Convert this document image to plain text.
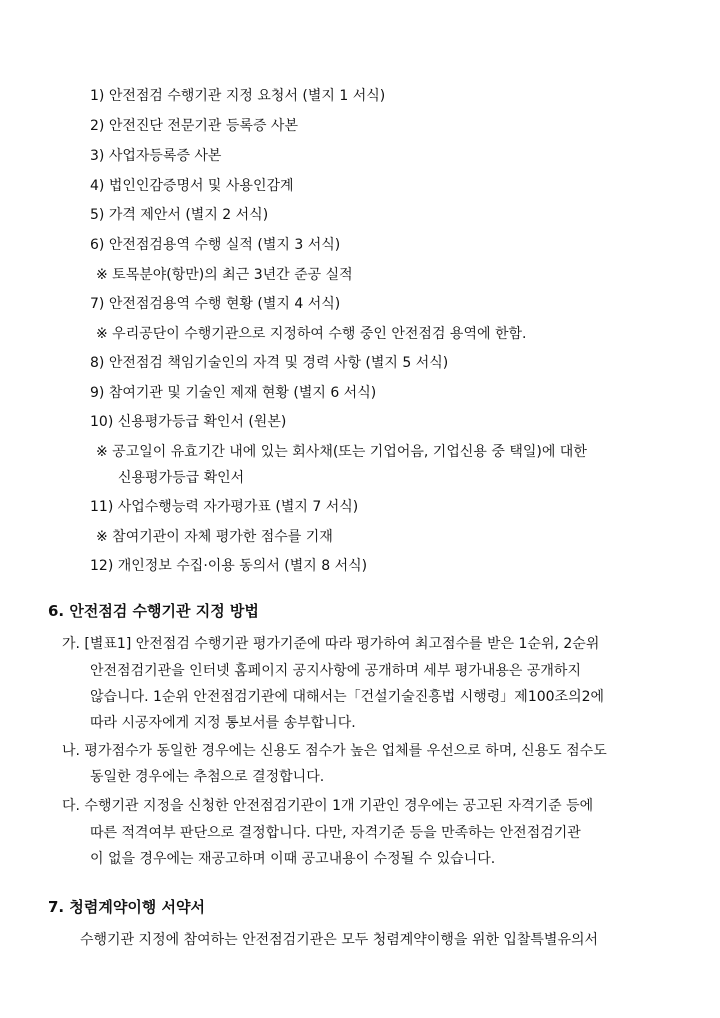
1) 안전점검 수행기관 지정 요청서 (별지 1 서식)
2) 안전진단 전문기관 등록증 사본
3) 사업자등록증 사본
4) 법인인감증명서 및 사용인감계
5) 가격 제안서 (별지 2 서식)
6) 안전점검용역 수행 실적 (별지 3 서식)
※ 토목분야(항만)의 최근 3년간 준공 실적
7) 안전점검용역 수행 현황 (별지 4 서식)
※ 우리공단이 수행기관으로 지정하여 수행 중인 안전점검 용역에 한함.
8) 안전점검 책임기술인의 자격 및 경력 사항 (별지 5 서식)
9) 참여기관 및 기술인 제재 현황 (별지 6 서식)
10) 신용평가등급 확인서 (원본)
※ 공고일이 유효기간 내에 있는 회사채(또는 기업어음, 기업신용 중 택일)에 대한
신용평가등급 확인서
11) 사업수행능력 자가평가표 (별지 7 서식)
※ 참여기관이 자체 평가한 점수를 기재
12) 개인정보 수집·이용 동의서 (별지 8 서식)
6. 안전점검 수행기관 지정 방법
가. [별표1] 안전점검 수행기관 평가기준에 따라 평가하여 최고점수를 받은 1순위, 2순위
안전점검기관을 인터넷 홈페이지 공지사항에 공개하며 세부 평가내용은 공개하지
않습니다. 1순위 안전점검기관에 대해서는「건설기술진흥법 시행령」제100조의2에
따라 시공자에게 지정 통보서를 송부합니다.
나. 평가점수가 동일한 경우에는 신용도 점수가 높은 업체를 우선으로 하며, 신용도 점수도
동일한 경우에는 추첨으로 결정합니다.
다. 수행기관 지정을 신청한 안전점검기관이 1개 기관인 경우에는 공고된 자격기준 등에
따른 적격여부 판단으로 결정합니다. 다만, 자격기준 등을 만족하는 안전점검기관
이 없을 경우에는 재공고하며 이때 공고내용이 수정될 수 있습니다.
7. 청렴계약이행 서약서
수행기관 지정에 참여하는 안전점검기관은 모두 청렴계약이행을 위한 입찰특별유의서
